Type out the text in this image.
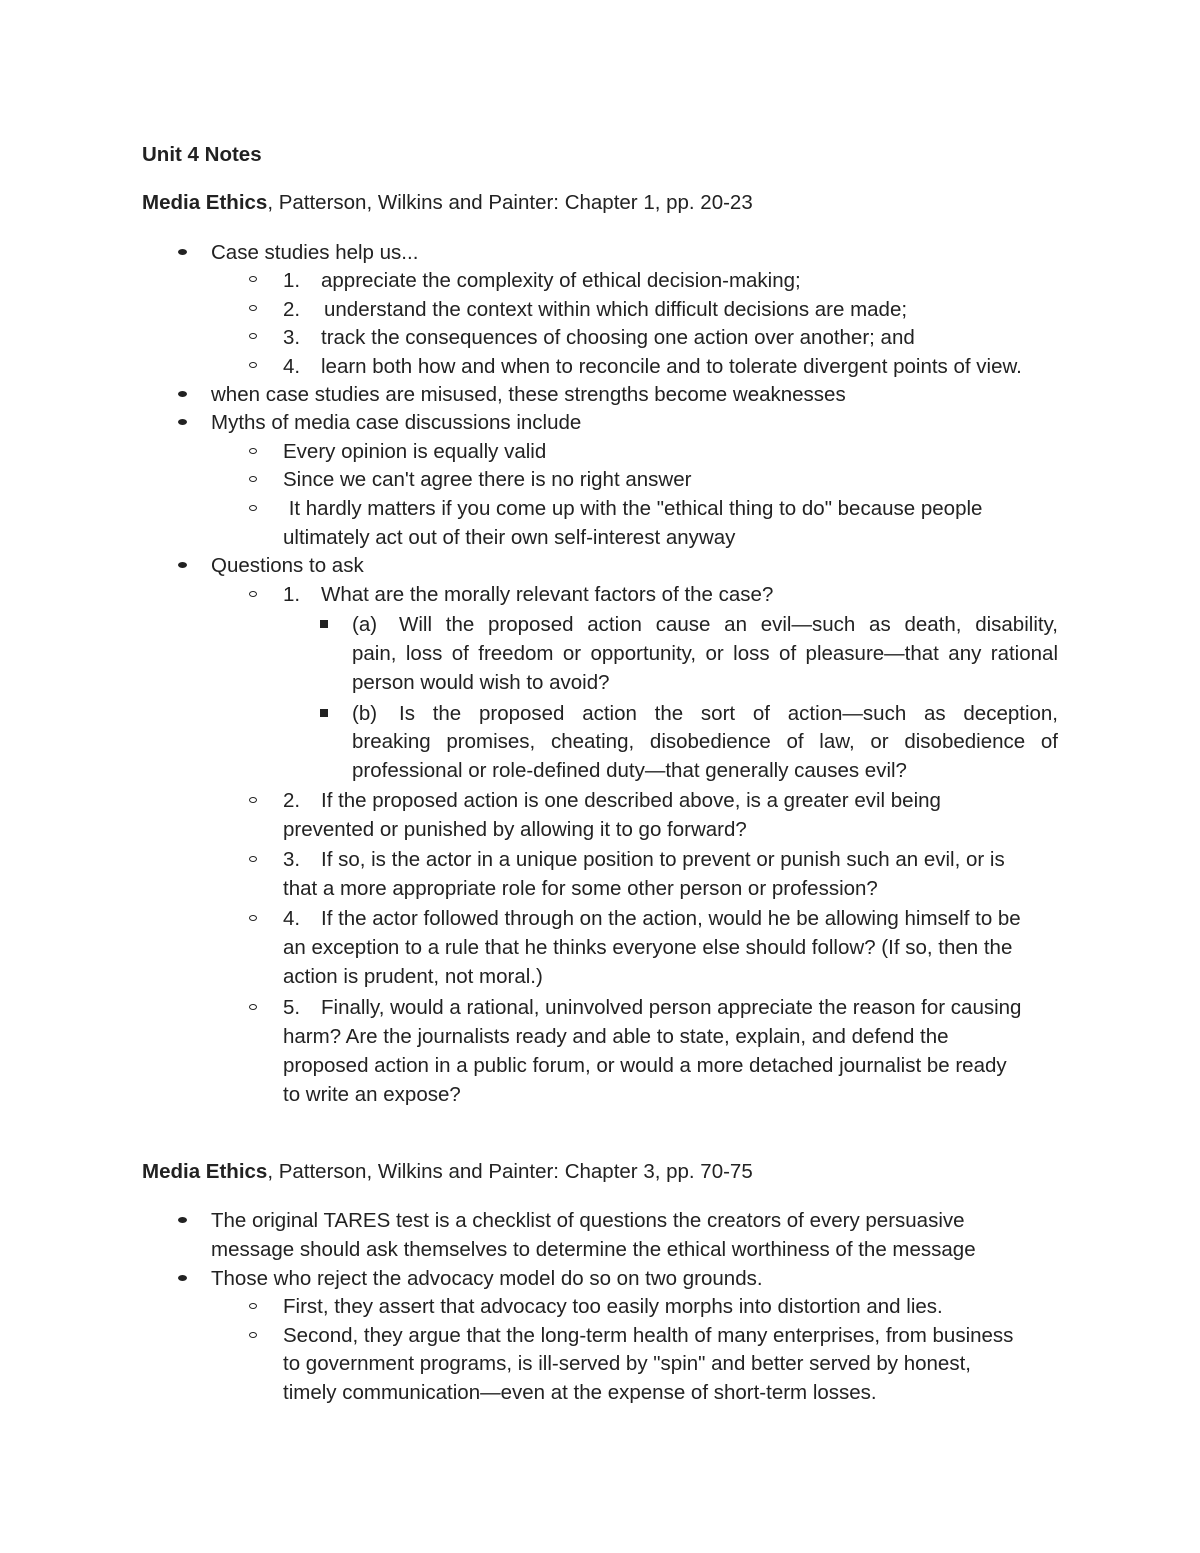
Unit 4 Notes
Media Ethics, Patterson, Wilkins and Painter: Chapter 1, pp. 20-23
Case studies help us...
1. appreciate the complexity of ethical decision-making;
2. understand the context within which difficult decisions are made;
3. track the consequences of choosing one action over another; and
4. learn both how and when to reconcile and to tolerate divergent points of view.
when case studies are misused, these strengths become weaknesses
Myths of media case discussions include
Every opinion is equally valid
Since we can't agree there is no right answer
It hardly matters if you come up with the "ethical thing to do" because people
ultimately act out of their own self-interest anyway
Questions to ask
1. What are the morally relevant factors of the case?
(a) Will the proposed action cause an evil—such as death, disability,
pain, loss of freedom or opportunity, or loss of pleasure—that any rational
person would wish to avoid?
(b) Is the proposed action the sort of action—such as deception,
breaking promises, cheating, disobedience of law, or disobedience of
professional or role-defined duty—that generally causes evil?
2. If the proposed action is one described above, is a greater evil being
prevented or punished by allowing it to go forward?
3. If so, is the actor in a unique position to prevent or punish such an evil, or is
that a more appropriate role for some other person or profession?
4. If the actor followed through on the action, would he be allowing himself to be
an exception to a rule that he thinks everyone else should follow? (If so, then the
action is prudent, not moral.)
5. Finally, would a rational, uninvolved person appreciate the reason for causing
harm? Are the journalists ready and able to state, explain, and defend the
proposed action in a public forum, or would a more detached journalist be ready
to write an expose?
Media Ethics, Patterson, Wilkins and Painter: Chapter 3, pp. 70-75
The original TARES test is a checklist of questions the creators of every persuasive
message should ask themselves to determine the ethical worthiness of the message
Those who reject the advocacy model do so on two grounds.
First, they assert that advocacy too easily morphs into distortion and lies.
Second, they argue that the long-term health of many enterprises, from business
to government programs, is ill-served by "spin" and better served by honest,
timely communication—even at the expense of short-term losses.
